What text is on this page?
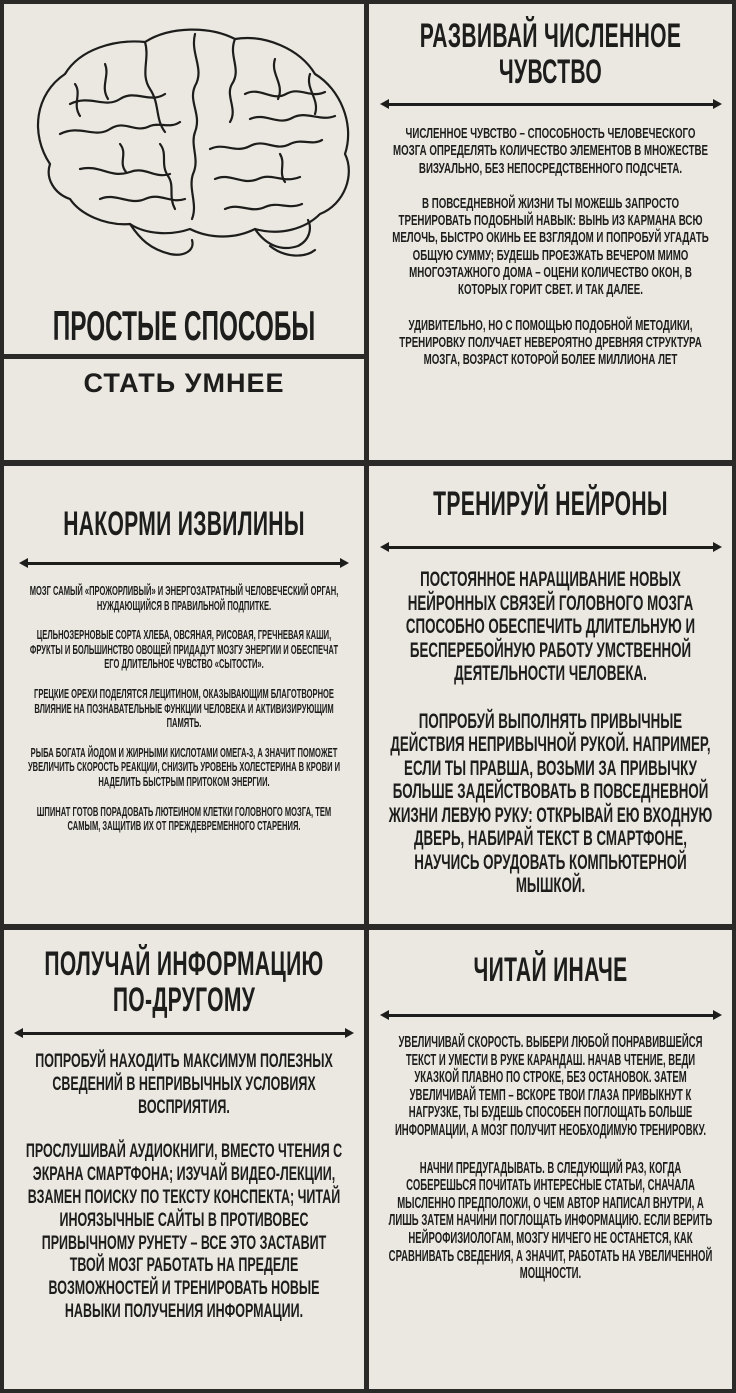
ПРОСТЫЕ СПОСОБЫ
СТАТЬ УМНЕЕ
РАЗВИВАЙ ЧИСЛЕННОЕ
ЧУВСТВО

ЧИСЛЕННОЕ ЧУВСТВО – СПОСОБНОСТЬ ЧЕЛОВЕЧЕСКОГО МОЗГА ОПРЕДЕЛЯТЬ КОЛИЧЕСТВО ЭЛЕМЕНТОВ В МНОЖЕСТВЕ ВИЗУАЛЬНО, БЕЗ НЕПОСРЕДСТВЕННОГО ПОДСЧЕТА.

В ПОВСЕДНЕВНОЙ ЖИЗНИ ТЫ МОЖЕШЬ ЗАПРОСТО ТРЕНИРОВАТЬ ПОДОБНЫЙ НАВЫК: ВЫНЬ ИЗ КАРМАНА ВСЮ МЕЛОЧЬ, БЫСТРО ОКИНЬ ЕЕ ВЗГЛЯДОМ И ПОПРОБУЙ УГАДАТЬ ОБЩУЮ СУММУ; БУДЕШЬ ПРОЕЗЖАТЬ ВЕЧЕРОМ МИМО МНОГОЭТАЖНОГО ДОМА – ОЦЕНИ КОЛИЧЕСТВО ОКОН, В КОТОРЫХ ГОРИТ СВЕТ. И ТАК ДАЛЕЕ.

УДИВИТЕЛЬНО, НО С ПОМОЩЬЮ ПОДОБНОЙ МЕТОДИКИ, ТРЕНИРОВКУ ПОЛУЧАЕТ НЕВЕРОЯТНО ДРЕВНЯЯ СТРУКТУРА МОЗГА, ВОЗРАСТ КОТОРОЙ БОЛЕЕ МИЛЛИОНА ЛЕТ

НАКОРМИ ИЗВИЛИНЫ

МОЗГ САМЫЙ «ПРОЖОРЛИВЫЙ» И ЭНЕРГОЗАТРАТНЫЙ ЧЕЛОВЕЧЕСКИЙ ОРГАН, НУЖДАЮЩИЙСЯ В ПРАВИЛЬНОЙ ПОДПИТКЕ.

ЦЕЛЬНОЗЕРНОВЫЕ СОРТА ХЛЕБА, ОВСЯНАЯ, РИСОВАЯ, ГРЕЧНЕВАЯ КАШИ, ФРУКТЫ И БОЛЬШИНСТВО ОВОЩЕЙ ПРИДАДУТ МОЗГУ ЭНЕРГИИ И ОБЕСПЕЧАТ ЕГО ДЛИТЕЛЬНОЕ ЧУВСТВО «СЫТОСТИ».

ГРЕЦКИЕ ОРЕХИ ПОДЕЛЯТСЯ ЛЕЦИТИНОМ, ОКАЗЫВАЮЩИМ БЛАГОТВОРНОЕ ВЛИЯНИЕ НА ПОЗНАВАТЕЛЬНЫЕ ФУНКЦИИ ЧЕЛОВЕКА И АКТИВИЗИРУЮЩИМ ПАМЯТЬ.

РЫБА БОГАТА ЙОДОМ И ЖИРНЫМИ КИСЛОТАМИ ОМЕГА-3, А ЗНАЧИТ ПОМОЖЕТ УВЕЛИЧИТЬ СКОРОСТЬ РЕАКЦИИ, СНИЗИТЬ УРОВЕНЬ ХОЛЕСТЕРИНА В КРОВИ И НАДЕЛИТЬ БЫСТРЫМ ПРИТОКОМ ЭНЕРГИИ.

ШПИНАТ ГОТОВ ПОРАДОВАТЬ ЛЮТЕИНОМ КЛЕТКИ ГОЛОВНОГО МОЗГА, ТЕМ САМЫМ, ЗАЩИТИВ ИХ ОТ ПРЕЖДЕВРЕМЕННОГО СТАРЕНИЯ.

ТРЕНИРУЙ НЕЙРОНЫ

ПОСТОЯННОЕ НАРАЩИВАНИЕ НОВЫХ НЕЙРОННЫХ СВЯЗЕЙ ГОЛОВНОГО МОЗГА СПОСОБНО ОБЕСПЕЧИТЬ ДЛИТЕЛЬНУЮ И БЕСПЕРЕБОЙНУЮ РАБОТУ УМСТВЕННОЙ ДЕЯТЕЛЬНОСТИ ЧЕЛОВЕКА.

ПОПРОБУЙ ВЫПОЛНЯТЬ ПРИВЫЧНЫЕ ДЕЙСТВИЯ НЕПРИВЫЧНОЙ РУКОЙ. НАПРИМЕР, ЕСЛИ ТЫ ПРАВША, ВОЗЬМИ ЗА ПРИВЫЧКУ БОЛЬШЕ ЗАДЕЙСТВОВАТЬ В ПОВСЕДНЕВНОЙ ЖИЗНИ ЛЕВУЮ РУКУ: ОТКРЫВАЙ ЕЮ ВХОДНУЮ ДВЕРЬ, НАБИРАЙ ТЕКСТ В СМАРТФОНЕ, НАУЧИСЬ ОРУДОВАТЬ КОМПЬЮТЕРНОЙ МЫШКОЙ.

ПОЛУЧАЙ ИНФОРМАЦИЮ
ПО-ДРУГОМУ

ПОПРОБУЙ НАХОДИТЬ МАКСИМУМ ПОЛЕЗНЫХ СВЕДЕНИЙ В НЕПРИВЫЧНЫХ УСЛОВИЯХ ВОСПРИЯТИЯ.

ПРОСЛУШИВАЙ АУДИОКНИГИ, ВМЕСТО ЧТЕНИЯ С ЭКРАНА СМАРТФОНА; ИЗУЧАЙ ВИДЕО-ЛЕКЦИИ, ВЗАМЕН ПОИСКУ ПО ТЕКСТУ КОНСПЕКТА; ЧИТАЙ ИНОЯЗЫЧНЫЕ САЙТЫ В ПРОТИВОВЕС ПРИВЫЧНОМУ РУНЕТУ – ВСЕ ЭТО ЗАСТАВИТ ТВОЙ МОЗГ РАБОТАТЬ НА ПРЕДЕЛЕ ВОЗМОЖНОСТЕЙ И ТРЕНИРОВАТЬ НОВЫЕ НАВЫКИ ПОЛУЧЕНИЯ ИНФОРМАЦИИ.

ЧИТАЙ ИНАЧЕ

УВЕЛИЧИВАЙ СКОРОСТЬ. ВЫБЕРИ ЛЮБОЙ ПОНРАВИВШЕЙСЯ ТЕКСТ И УМЕСТИ В РУКЕ КАРАНДАШ. НАЧАВ ЧТЕНИЕ, ВЕДИ УКАЗКОЙ ПЛАВНО ПО СТРОКЕ, БЕЗ ОСТАНОВОК. ЗАТЕМ УВЕЛИЧИВАЙ ТЕМП – ВСКОРЕ ТВОИ ГЛАЗА ПРИВЫКНУТ К НАГРУЗКЕ, ТЫ БУДЕШЬ СПОСОБЕН ПОГЛОЩАТЬ БОЛЬШЕ ИНФОРМАЦИИ, А МОЗГ ПОЛУЧИТ НЕОБХОДИМУЮ ТРЕНИРОВКУ.

НАЧНИ ПРЕДУГАДЫВАТЬ. В СЛЕДУЮЩИЙ РАЗ, КОГДА СОБЕРЕШЬСЯ ПОЧИТАТЬ ИНТЕРЕСНЫЕ СТАТЬИ, СНАЧАЛА МЫСЛЕННО ПРЕДПОЛОЖИ, О ЧЕМ АВТОР НАПИСАЛ ВНУТРИ, А ЛИШЬ ЗАТЕМ НАЧИНИ ПОГЛОЩАТЬ ИНФОРМАЦИЮ. ЕСЛИ ВЕРИТЬ НЕЙРОФИЗИОЛОГАМ, МОЗГУ НИЧЕГО НЕ ОСТАНЕТСЯ, КАК СРАВНИВАТЬ СВЕДЕНИЯ, А ЗНАЧИТ, РАБОТАТЬ НА УВЕЛИЧЕННОЙ МОЩНОСТИ.
